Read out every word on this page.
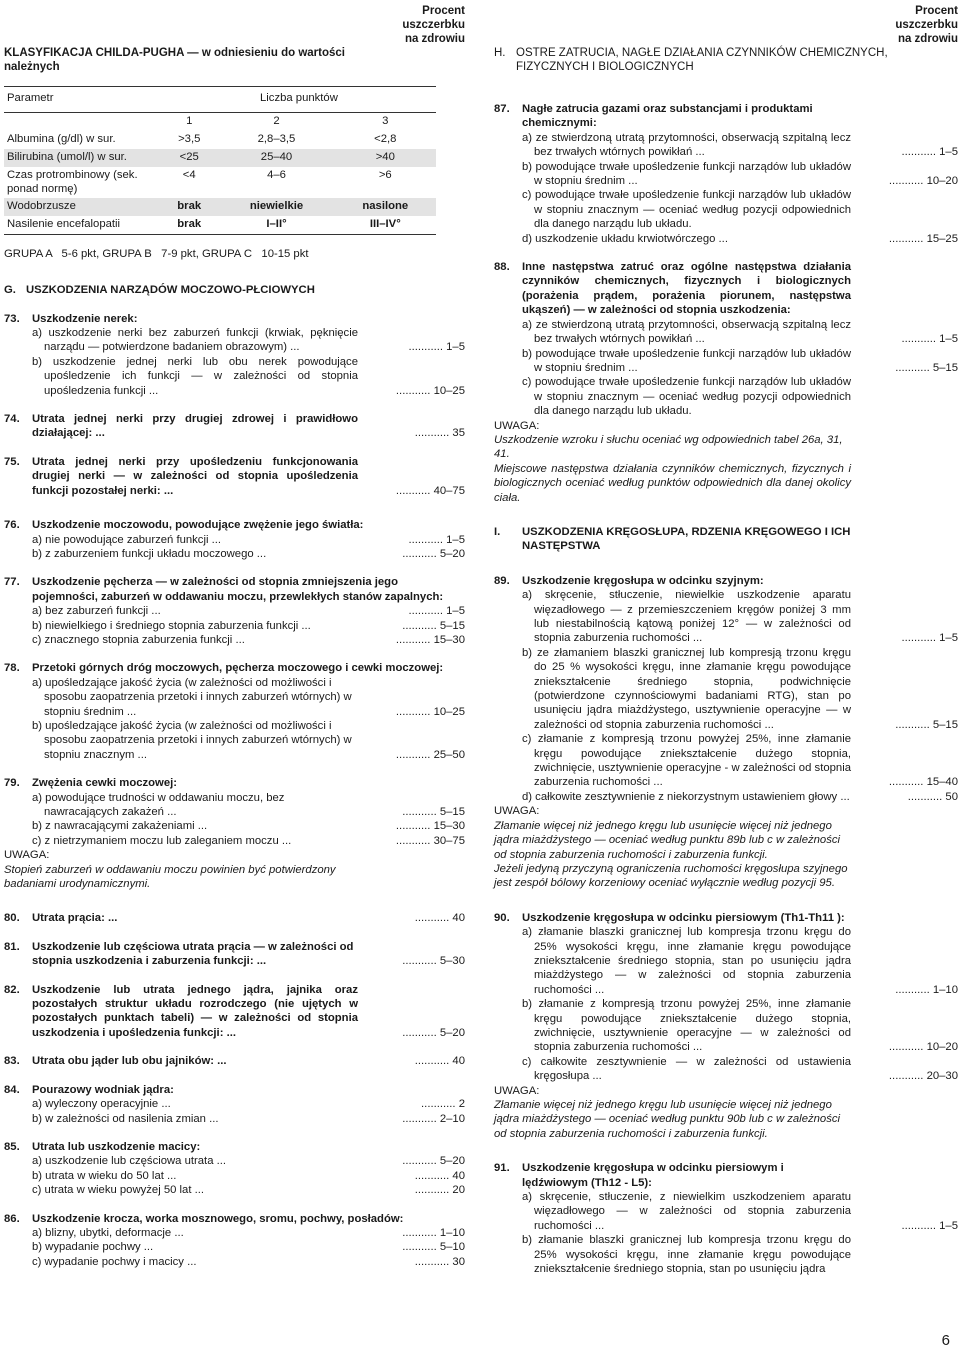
KLASYFIKACJA CHILDA-PUGHA — w odniesieniu do wartości należnych
Procent
uszczerbku
na zdrowiu
Parametr	Liczba punktów		
	1	2	3
Albumina (g/dl) w sur.	>3,5	2,8–3,5	<2,8
Bilirubina (umol/l) w sur.	<25	25–40	>40
Czas protrombinowy (sek. ponad normę)	<4	4–6	>6
Wodobrzusze	brak	niewielkie	nasilone
Nasilenie encefalopatii	brak	I–II°	III–IV°
GRUPA A   5-6 pkt, GRUPA B   7-9 pkt, GRUPA C   10-15 pkt
G. USZKODZENIA NARZĄDÓW MOCZOWO-PŁCIOWYCH
73. Uszkodzenie nerek:
a) uszkodzenie nerki bez zaburzeń funkcji (krwiak, pęknięcie narządu — potwierdzone badaniem obrazowym) ...	........... 1–5
b) uszkodzenie jednej nerki lub obu nerek powodujące upośledzenie ich funkcji — w zależności od stopnia upośledzenia funkcji ...	........... 10–25
74. Utrata jednej nerki przy drugiej zdrowej i prawidłowo działającej: ...	........... 35
75. Utrata jednej nerki przy upośledzeniu funkcjonowania drugiej nerki — w zależności od stopnia upośledzenia funkcji pozostałej nerki: ...	........... 40–75
76. Uszkodzenie moczowodu, powodujące zwężenie jego światła:
a) nie powodujące zaburzeń funkcji ...	........... 1–5
b) z zaburzeniem funkcji układu moczowego ...	........... 5–20
77. Uszkodzenie pęcherza — w zależności od stopnia zmniejszenia jego pojemności, zaburzeń w oddawaniu moczu, przewlekłych stanów zapalnych:
a) bez zaburzeń funkcji ...	........... 1–5
b) niewielkiego i średniego stopnia zaburzenia funkcji ...	........... 5–15
c) znacznego stopnia zaburzenia funkcji ...	........... 15–30
78. Przetoki górnych dróg moczowych, pęcherza moczowego i cewki moczowej:
a) upośledzające jakość życia (w zależności od możliwości i sposobu zaopatrzenia przetoki i innych zaburzeń wtórnych) w stopniu średnim ...	........... 10–25
b) upośledzające jakość życia (w zależności od możliwości i sposobu zaopatrzenia przetoki i innych zaburzeń wtórnych) w stopniu znacznym ...	........... 25–50
79. Zwężenia cewki moczowej:
a) powodujące trudności w oddawaniu moczu, bez nawracających zakażeń ...	........... 5–15
b) z nawracającymi zakażeniami ...	........... 15–30
c) z nietrzymaniem moczu lub zaleganiem moczu ...	........... 30–75
UWAGA:
Stopień zaburzeń w oddawaniu moczu powinien być potwierdzony badaniami urodynamicznymi.
80. Utrata prącia: ...	........... 40
81. Uszkodzenie lub częściowa utrata prącia — w zależności od stopnia uszkodzenia i zaburzenia funkcji: ...	........... 5–30
82. Uszkodzenie lub utrata jednego jądra, jajnika oraz pozostałych struktur układu rozrodczego (nie ujętych w pozostałych punktach tabeli) — w zależności od stopnia uszkodzenia i upośledzenia funkcji: ...	........... 5–20
83. Utrata obu jąder lub obu jajników: ...	........... 40
84. Pourazowy wodniak jądra:
a) wyleczony operacyjnie ...	........... 2
b) w zależności od nasilenia zmian ...	........... 2–10
85. Utrata lub uszkodzenie macicy:
a) uszkodzenie lub częściowa utrata ...	........... 5–20
b) utrata w wieku do 50 lat ...	........... 40
c) utrata w wieku powyżej 50 lat ...	........... 20
86. Uszkodzenie krocza, worka mosznowego, sromu, pochwy, posładów:
a) blizny, ubytki, deformacje ...	........... 1–10
b) wypadanie pochwy ...	........... 5–10
c) wypadanie pochwy i macicy ...	........... 30
H. OSTRE ZATRUCIA, NAGŁE DZIAŁANIA CZYNNIKÓW CHEMICZNYCH, FIZYCZNYCH I BIOLOGICZNYCH
Procent
uszczerbku
na zdrowiu
87. Nagłe zatrucia gazami oraz substancjami i produktami chemicznymi:
a) ze stwierdzoną utratą przytomności, obserwacją szpitalną lecz bez trwałych wtórnych powikłań ...	........... 1–5
b) powodujące trwałe upośledzenie funkcji narządów lub układów w stopniu średnim ...	........... 10–20
c) powodujące trwałe upośledzenie funkcji narządów lub układów w stopniu znacznym — oceniać według pozycji odpowiednich dla danego narządu lub układu.
d) uszkodzenie układu krwiotwórczego ...	........... 15–25
88. Inne następstwa zatruć oraz ogólne następstwa działania czynników chemicznych, fizycznych i biologicznych (porażenia prądem, porażenia piorunem, następstwa ukąszeń) — w zależności od stopnia uszkodzenia:
a) ze stwierdzoną utratą przytomności, obserwacją szpitalną lecz bez trwałych wtórnych powikłań ...	........... 1–5
b) powodujące trwałe upośledzenie funkcji narządów lub układów w stopniu średnim ...	........... 5–15
c) powodujące trwałe upośledzenie funkcji narządów lub układów w stopniu znacznym — oceniać według pozycji odpowiednich dla danego narządu lub układu.
UWAGA:
Uszkodzenie wzroku i słuchu oceniać wg odpowiednich tabel 26a, 31, 41.
Miejscowe następstwa działania czynników chemicznych, fizycznych i biologicznych oceniać według punktów odpowiednich dla danej okolicy ciała.
I. USZKODZENIA KRĘGOSŁUPA, RDZENIA KRĘGOWEGO I ICH NASTĘPSTWA
89. Uszkodzenie kręgosłupa w odcinku szyjnym:
a) skręcenie, stłuczenie, niewielkie uszkodzenie aparatu więzadłowego — z przemieszczeniem kręgów poniżej 3 mm lub niestabilnością kątową poniżej 12° — w zależności od stopnia zaburzenia ruchomości ...	........... 1–5
b) ze złamaniem blaszki granicznej lub kompresją trzonu kręgu do 25 % wysokości kręgu, inne złamanie kręgu powodujące zniekształcenie średniego stopnia, podwichnięcie (potwierdzone czynnościowymi badaniami RTG), stan po usunięciu jądra miażdżystego, usztywnienie operacyjne — w zależności od stopnia zaburzenia ruchomości ...	........... 5–15
c) złamanie z kompresją trzonu powyżej 25%, inne złamanie kręgu powodujące zniekształcenie dużego stopnia, zwichnięcie, usztywnienie operacyjne - w zależności od stopnia zaburzenia ruchomości ...	........... 15–40
d) całkowite zesztywnienie z niekorzystnym ustawieniem głowy ...	........... 50
UWAGA:
Złamanie więcej niż jednego kręgu lub usunięcie więcej niż jednego jądra miażdżystego — oceniać według punktu 89b lub c w zależności od stopnia zaburzenia ruchomości i zaburzenia funkcji.
Jeżeli jedyną przyczyną ograniczenia ruchomości kręgosłupa szyjnego jest zespół bólowy korzeniowy oceniać wyłącznie według pozycji 95.
90. Uszkodzenie kręgosłupa w odcinku piersiowym (Th1-Th11 ):
a) złamanie blaszki granicznej lub kompresja trzonu kręgu do 25% wysokości kręgu, inne złamanie kręgu powodujące zniekształcenie średniego stopnia, stan po usunięciu jądra miażdżystego — w zależności od stopnia zaburzenia ruchomości ...	........... 1–10
b) złamanie z kompresją trzonu powyżej 25%, inne złamanie kręgu powodujące zniekształcenie dużego stopnia, zwichnięcie, usztywnienie operacyjne — w zależności od stopnia zaburzenia ruchomości ...	........... 10–20
c) całkowite zesztywnienie — w zależności od ustawienia kręgosłupa ...	........... 20–30
UWAGA:
Złamanie więcej niż jednego kręgu lub usunięcie więcej niż jednego jądra miażdżystego — oceniać według punktu 90b lub c w zależności od stopnia zaburzenia ruchomości i zaburzenia funkcji.
91. Uszkodzenie kręgosłupa w odcinku piersiowym i lędźwiowym (Th12 - L5):
a) skręcenie, stłuczenie, z niewielkim uszkodzeniem aparatu więzadłowego — w zależności od stopnia zaburzenia ruchomości ...	........... 1–5
b) złamanie blaszki granicznej lub kompresja trzonu kręgu do 25% wysokości kręgu, inne złamanie kręgu powodujące zniekształcenie średniego stopnia, stan po usunięciu jądra
6
